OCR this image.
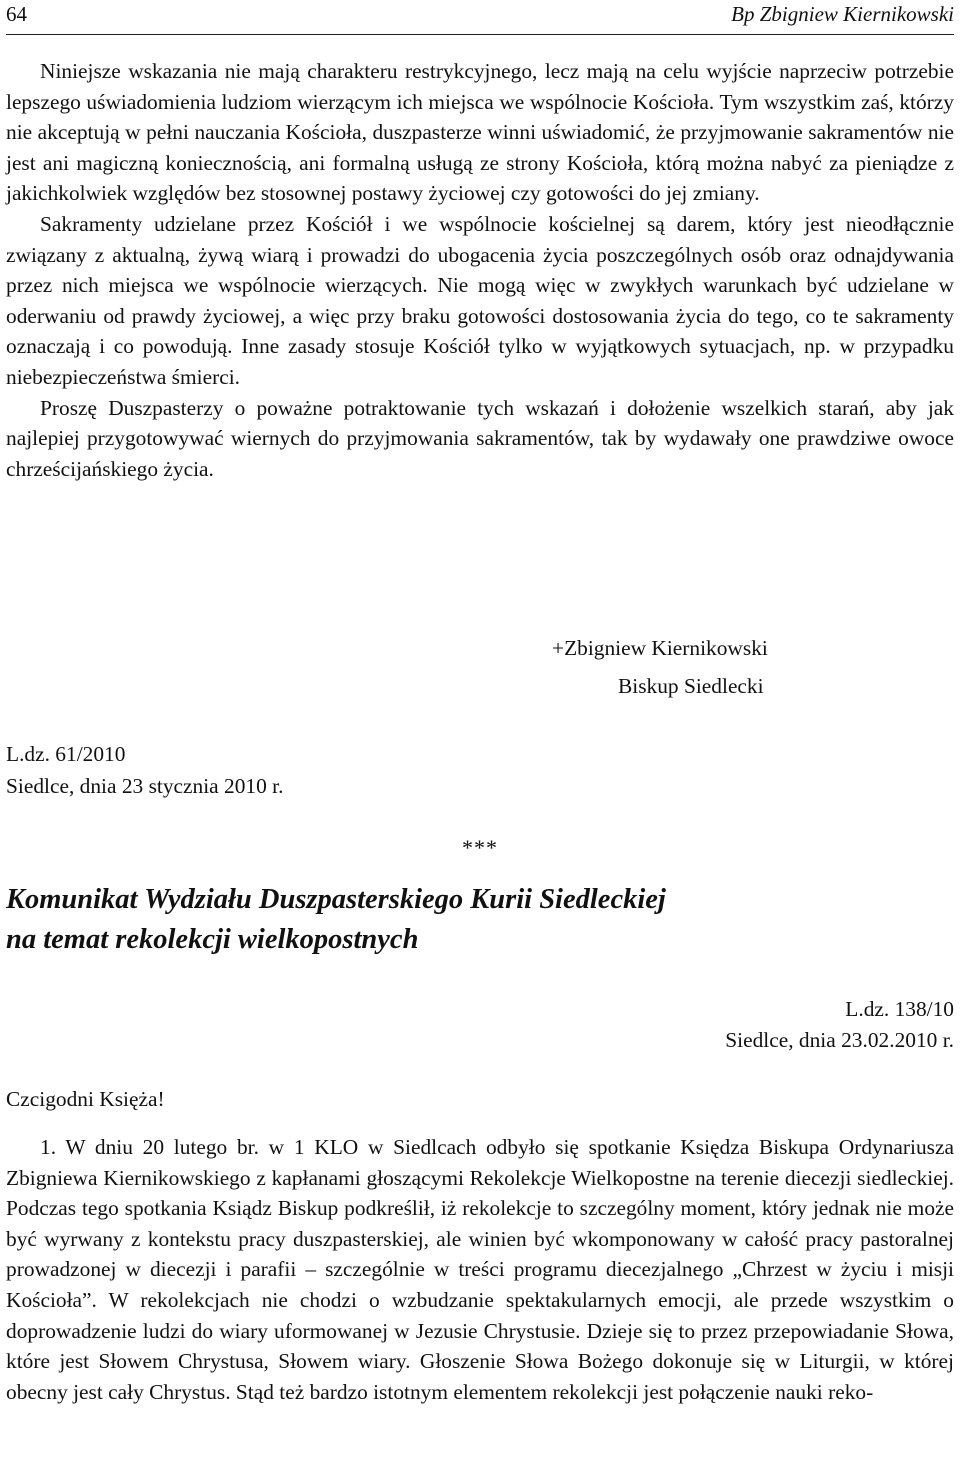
64	Bp Zbigniew Kiernikowski

Niniejsze wskazania nie mają charakteru restrykcyjnego, lecz mają na celu wyjście naprzeciw potrzebie lepszego uświadomienia ludziom wierzącym ich miejsca we wspólnocie Kościoła. Tym wszystkim zaś, którzy nie akceptują w pełni nauczania Kościoła, duszpasterze winni uświadomić, że przyjmowanie sakramentów nie jest ani magiczną koniecznością, ani formalną usługą ze strony Kościoła, którą można nabyć za pieniądze z jakichkolwiek względów bez stosownej postawy życiowej czy gotowości do jej zmiany.

Sakramenty udzielane przez Kościół i we wspólnocie kościelnej są darem, który jest nieodłącznie związany z aktualną, żywą wiarą i prowadzi do ubogacenia życia poszczególnych osób oraz odnajdywania przez nich miejsca we wspólnocie wierzących. Nie mogą więc w zwykłych warunkach być udzielane w oderwaniu od prawdy życiowej, a więc przy braku gotowości dostosowania życia do tego, co te sakramenty oznaczają i co powodują. Inne zasady stosuje Kościół tylko w wyjątkowych sytuacjach, np. w przypadku niebezpieczeństwa śmierci.

Proszę Duszpasterzy o poważne potraktowanie tych wskazań i dołożenie wszelkich starań, aby jak najlepiej przygotowywać wiernych do przyjmowania sakramentów, tak by wydawały one prawdziwe owoce chrześcijańskiego życia.

+Zbigniew Kiernikowski
Biskup Siedlecki
L.dz. 61/2010
Siedlce, dnia 23 stycznia 2010 r.
***
Komunikat Wydziału Duszpasterskiego Kurii Siedleckiej
na temat rekolekcji wielkopostnych
L.dz. 138/10
Siedlce, dnia 23.02.2010 r.
Czcigodni Księża!

1. W dniu 20 lutego br. w 1 KLO w Siedlcach odbyło się spotkanie Księdza Biskupa Ordynariusza Zbigniewa Kiernikowskiego z kapłanami głoszącymi Rekolekcje Wielkopostne na terenie diecezji siedleckiej. Podczas tego spotkania Ksiądz Biskup podkreślił, iż rekolekcje to szczególny moment, który jednak nie może być wyrwany z kontekstu pracy duszpasterskiej, ale winien być wkomponowany w całość pracy pastoralnej prowadzonej w diecezji i parafii – szczególnie w treści programu diecezjalnego „Chrzest w życiu i misji Kościoła”. W rekolekcjach nie chodzi o wzbudzanie spektakularnych emocji, ale przede wszystkim o doprowadzenie ludzi do wiary uformowanej w Jezusie Chrystusie. Dzieje się to przez przepowiadanie Słowa, które jest Słowem Chrystusa, Słowem wiary. Głoszenie Słowa Bożego dokonuje się w Liturgii, w której obecny jest cały Chrystus. Stąd też bardzo istotnym elementem rekolekcji jest połączenie nauki reko-
